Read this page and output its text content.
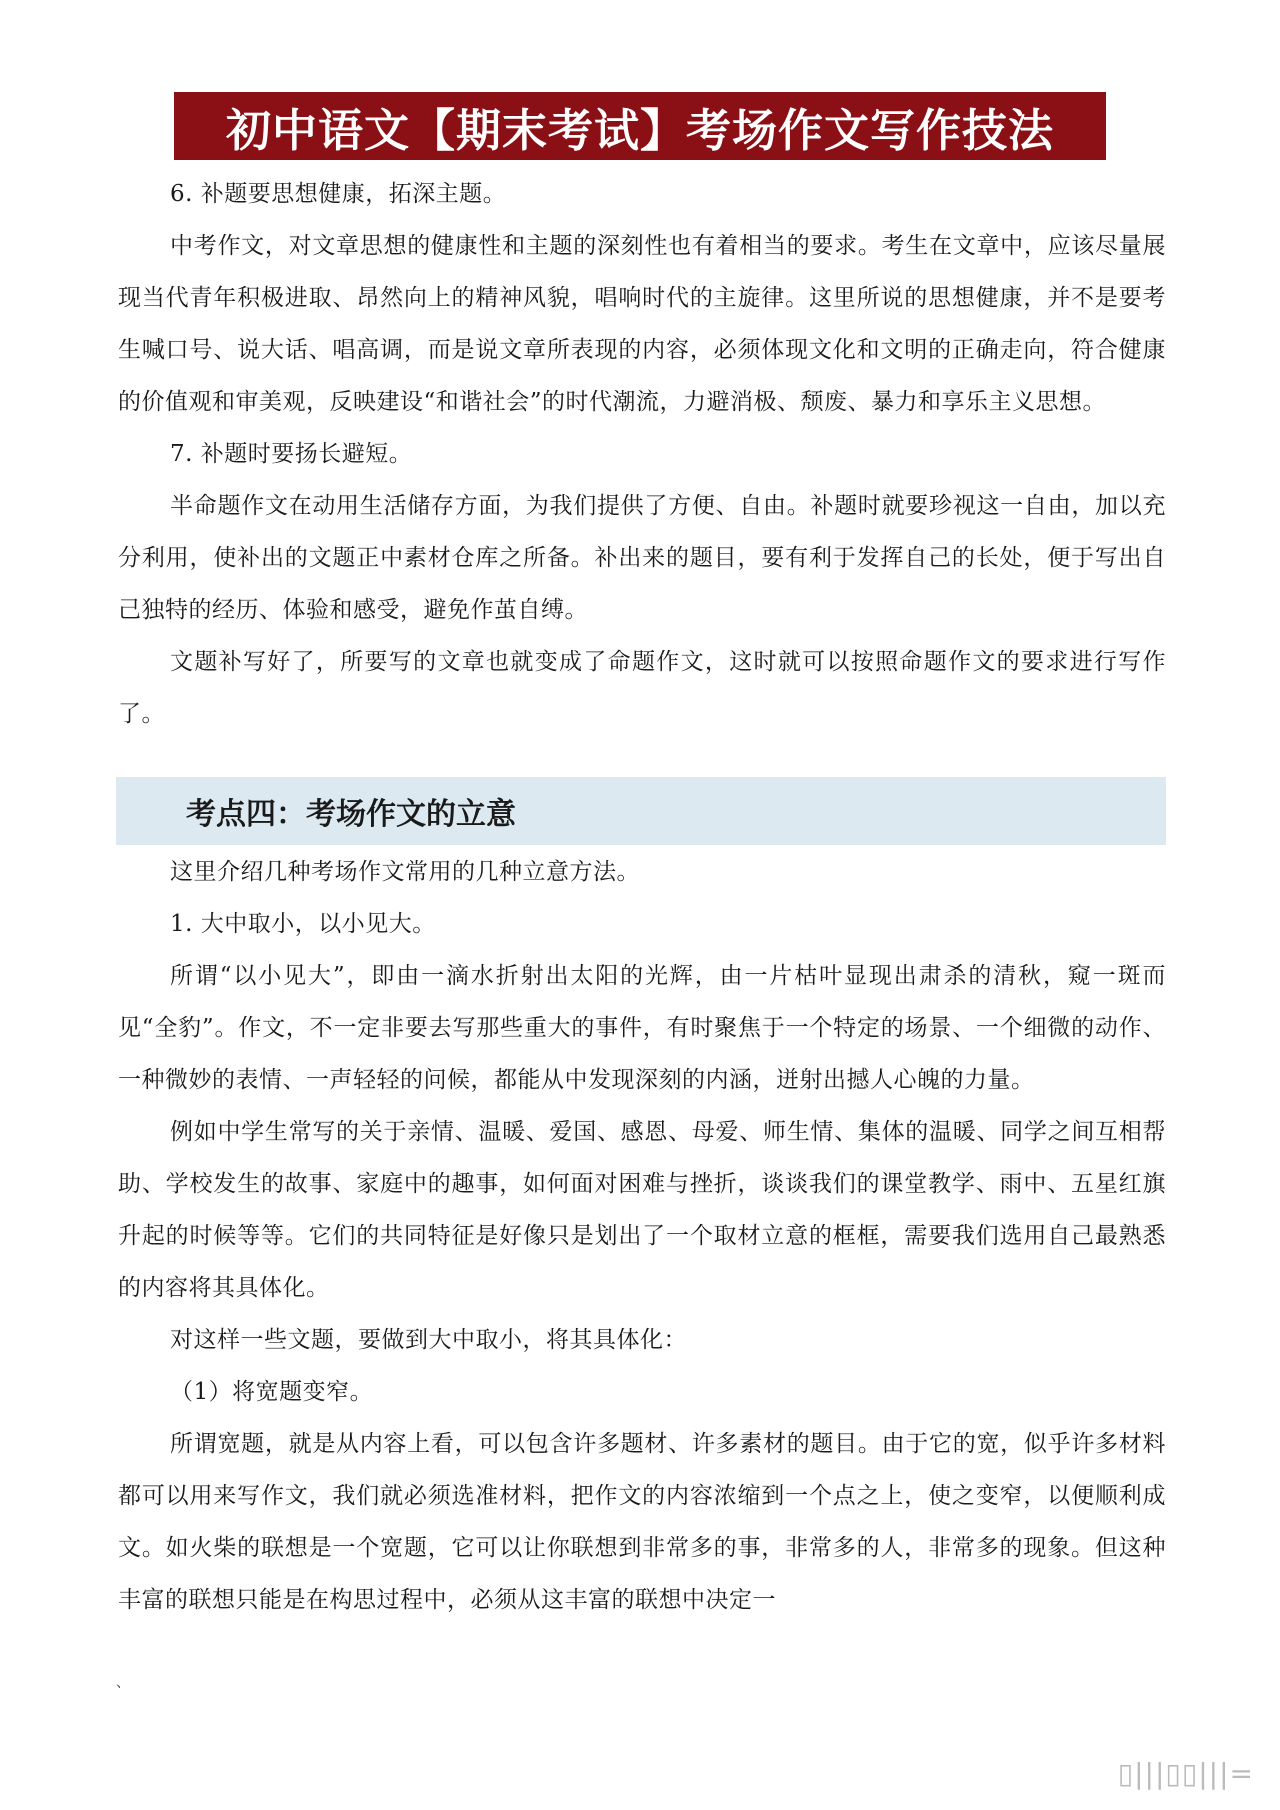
初中语文【期末考试】考场作文写作技法

6. 补题要思想健康，拓深主题。

中考作文，对文章思想的健康性和主题的深刻性也有着相当的要求。考生在文章中，应该尽量展现当代青年积极进取、昂然向上的精神风貌，唱响时代的主旋律。这里所说的思想健康，并不是要考生喊口号、说大话、唱高调，而是说文章所表现的内容，必须体现文化和文明的正确走向，符合健康的价值观和审美观，反映建设“和谐社会”的时代潮流，力避消极、颓废、暴力和享乐主义思想。

7. 补题时要扬长避短。

半命题作文在动用生活储存方面，为我们提供了方便、自由。补题时就要珍视这一自由，加以充分利用，使补出的文题正中素材仓库之所备。补出来的题目，要有利于发挥自己的长处，便于写出自己独特的经历、体验和感受，避免作茧自缚。

文题补写好了，所要写的文章也就变成了命题作文，这时就可以按照命题作文的要求进行写作了。

考点四：考场作文的立意

这里介绍几种考场作文常用的几种立意方法。

1. 大中取小，以小见大。

所谓“以小见大”，即由一滴水折射出太阳的光辉，由一片枯叶显现出肃杀的清秋，窥一斑而见“全豹”。作文，不一定非要去写那些重大的事件，有时聚焦于一个特定的场景、一个细微的动作、一种微妙的表情、一声轻轻的问候，都能从中发现深刻的内涵，迸射出撼人心魄的力量。

例如中学生常写的关于亲情、温暖、爱国、感恩、母爱、师生情、集体的温暖、同学之间互相帮助、学校发生的故事、家庭中的趣事，如何面对困难与挫折，谈谈我们的课堂教学、雨中、五星红旗升起的时候等等。它们的共同特征是好像只是划出了一个取材立意的框框，需要我们选用自己最熟悉的内容将其具体化。

对这样一些文题，要做到大中取小，将其具体化：

（1）将宽题变窄。

所谓宽题，就是从内容上看，可以包含许多题材、许多素材的题目。由于它的宽，似乎许多材料都可以用来写作文，我们就必须选准材料，把作文的内容浓缩到一个点之上，使之变窄，以便顺利成文。如火柴的联想是一个宽题，它可以让你联想到非常多的事，非常多的人，非常多的现象。但这种丰富的联想只能是在构思过程中，必须从这丰富的联想中决定一

、
▯|||▯▯|||=
